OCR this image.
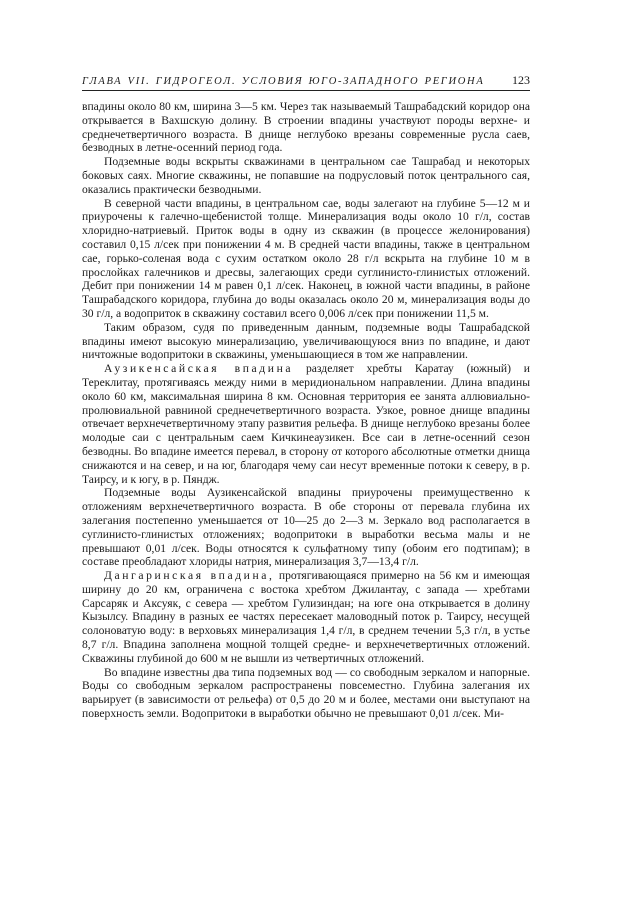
ГЛАВА VII. ГИДРОГЕОЛ. УСЛОВИЯ ЮГО-ЗАПАДНОГО РЕГИОНА 123

впадины около 80 км, ширина 3—5 км. Через так называемый Ташрабадский коридор она открывается в Вахшскую долину. В строении впадины участвуют породы верхне- и среднечетвертичного возраста. В днище неглубоко врезаны современные русла саев, безводных в летне-осенний период года.

Подземные воды вскрыты скважинами в центральном сае Ташрабад и некоторых боковых саях. Многие скважины, не попавшие на подрусловый поток центрального сая, оказались практически безводными.

В северной части впадины, в центральном сае, воды залегают на глубине 5—12 м и приурочены к галечно-щебенистой толще. Минерализация воды около 10 г/л, состав хлоридно-натриевый. Приток воды в одну из скважин (в процессе желонирования) составил 0,15 л/сек при понижении 4 м. В средней части впадины, также в центральном сае, горько-соленая вода с сухим остатком около 28 г/л вскрыта на глубине 10 м в прослойках галечников и дресвы, залегающих среди суглинисто-глинистых отложений. Дебит при понижении 14 м равен 0,1 л/сек. Наконец, в южной части впадины, в районе Ташрабадского коридора, глубина до воды оказалась около 20 м, минерализация воды до 30 г/л, а водоприток в скважину составил всего 0,006 л/сек при понижении 11,5 м.

Таким образом, судя по приведенным данным, подземные воды Ташрабадской впадины имеют высокую минерализацию, увеличивающуюся вниз по впадине, и дают ничтожные водопритоки в скважины, уменьшающиеся в том же направлении.

Аузикенсайская впадина разделяет хребты Каратау (южный) и Тереклитау, протягиваясь между ними в меридиональном направлении. Длина впадины около 60 км, максимальная ширина 8 км. Основная территория ее занята аллювиально-пролювиальной равниной среднечетвертичного возраста. Узкое, ровное днище впадины отвечает верхнечетвертичному этапу развития рельефа. В днище неглубоко врезаны более молодые саи с центральным саем Кичкинеаузикен. Все саи в летне-осенний сезон безводны. Во впадине имеется перевал, в сторону от которого абсолютные отметки днища снижаются и на север, и на юг, благодаря чему саи несут временные потоки к северу, в р. Таирсу, и к югу, в р. Пяндж.

Подземные воды Аузикенсайской впадины приурочены преимущественно к отложениям верхнечетвертичного возраста. В обе стороны от перевала глубина их залегания постепенно уменьшается от 10—25 до 2—3 м. Зеркало вод располагается в суглинисто-глинистых отложениях; водопритоки в выработки весьма малы и не превышают 0,01 л/сек. Воды относятся к сульфатному типу (обоим его подтипам); в составе преобладают хлориды натрия, минерализация 3,7—13,4 г/л.

Дангаринская впадина, протягивающаяся примерно на 56 км и имеющая ширину до 20 км, ограничена с востока хребтом Джилантау, с запада — хребтами Сарсаряк и Аксуяк, с севера — хребтом Гулизиндан; на юге она открывается в долину Кызылсу. Впадину в разных ее частях пересекает маловодный поток р. Таирсу, несущей солоноватую воду: в верховьях минерализация 1,4 г/л, в среднем течении 5,3 г/л, в устье 8,7 г/л. Впадина заполнена мощной толщей средне- и верхнечетвертичных отложений. Скважины глубиной до 600 м не вышли из четвертичных отложений.

Во впадине известны два типа подземных вод — со свободным зеркалом и напорные. Воды со свободным зеркалом распространены повсеместно. Глубина залегания их варьирует (в зависимости от рельефа) от 0,5 до 20 м и более, местами они выступают на поверхность земли. Водопритоки в выработки обычно не превышают 0,01 л/сек. Ми-
